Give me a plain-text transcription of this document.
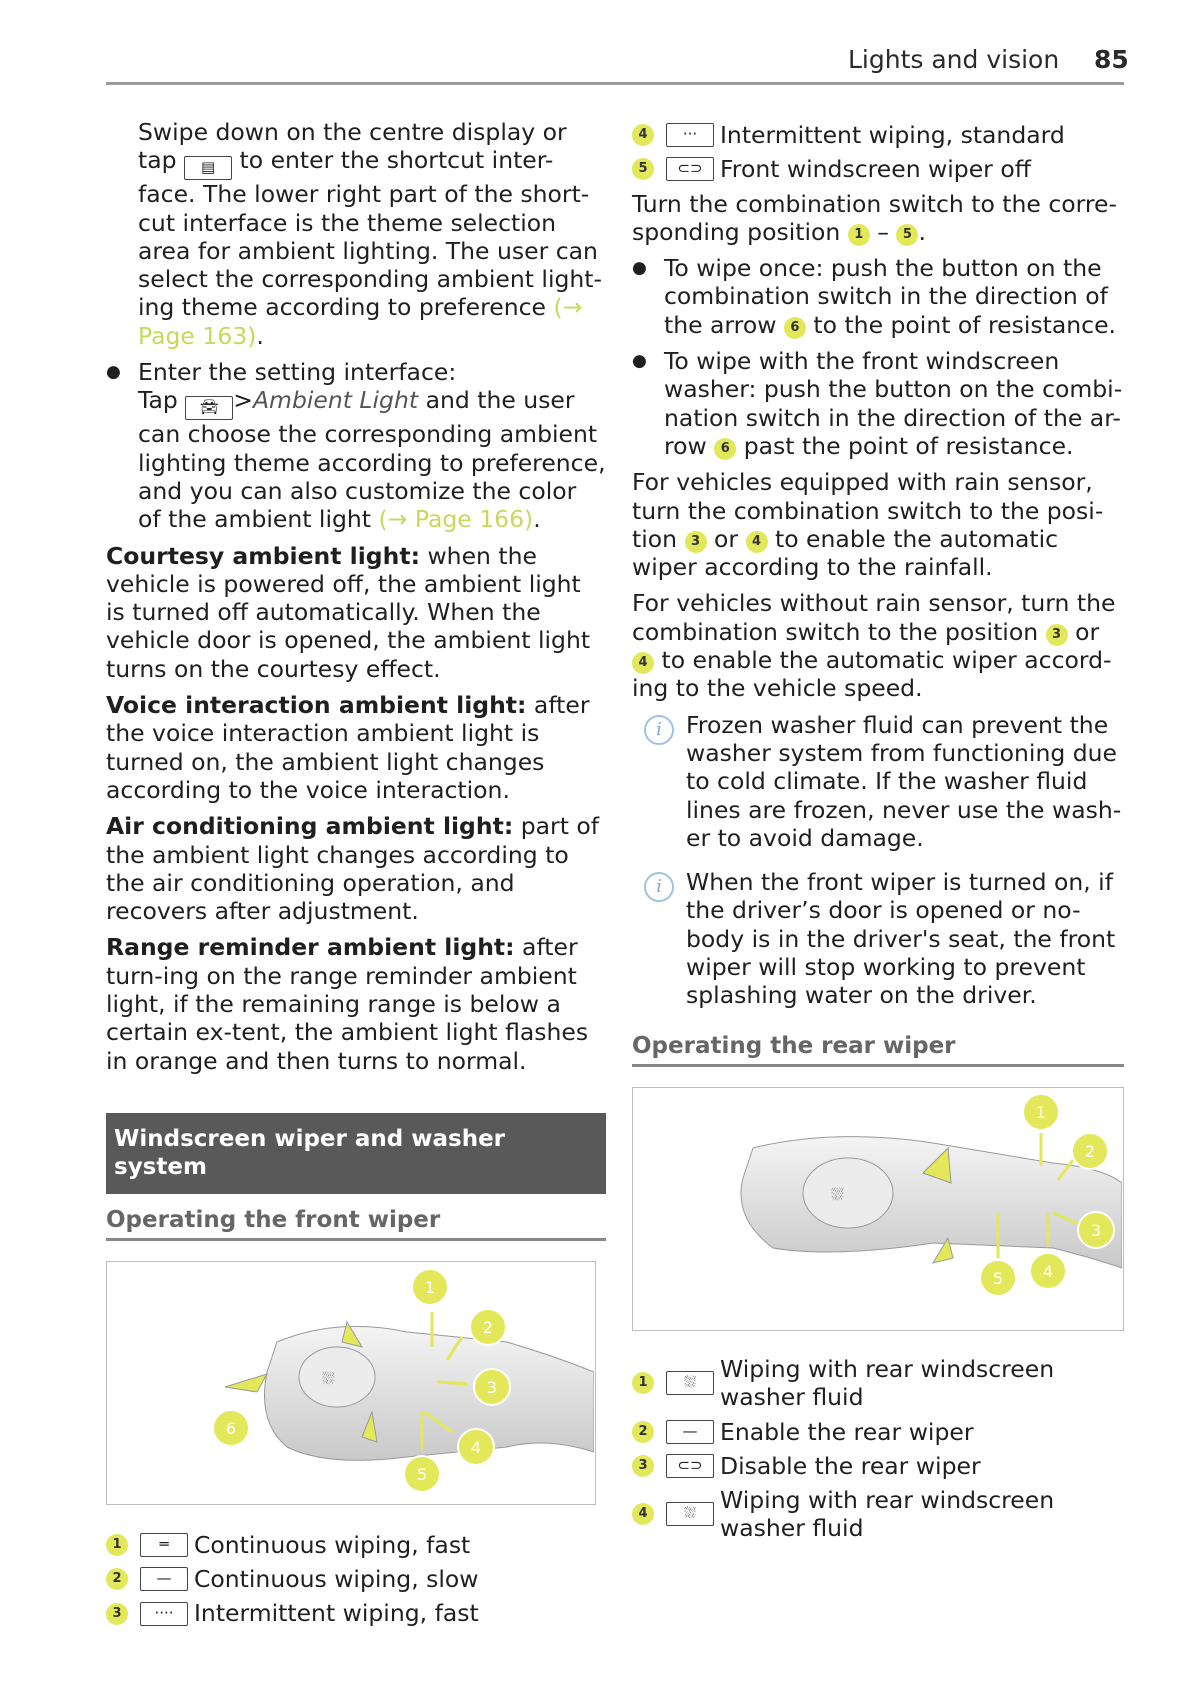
Lights and vision 85
Swipe down on the centre display or
tap ▤ to enter the shortcut inter-face. The lower right part of the short-cut interface is the theme selection area for ambient lighting. The user can select the corresponding ambient light-ing theme according to preference (→ Page 163).
● Enter the setting interface:
Tap 🚘︎ >Ambient Light and the user can choose the corresponding ambient lighting theme according to preference, and you can also customize the color of the ambient light (→ Page 166).
Courtesy ambient light: when the vehicle is powered off, the ambient light is turned off automatically. When the vehicle door is opened, the ambient light turns on the courtesy effect.
Voice interaction ambient light: after the voice interaction ambient light is turned on, the ambient light changes according to the voice interaction.
Air conditioning ambient light: part of the ambient light changes according to the air conditioning operation, and recovers after adjustment.
Range reminder ambient light: after turn-ing on the range reminder ambient light, if the remaining range is below a certain ex-tent, the ambient light flashes in orange and then turns to normal.
Windscreen wiper and washer system
Operating the front wiper
⛆
1
2
3
4
5
6
1	═	Continuous wiping, fast
2	— Continuous wiping, slow
3	···· Intermittent wiping, fast
4	··· Intermittent wiping, standard
5	⊂⊃ Front windscreen wiper off
Turn the combination switch to the corre-sponding position 1 – 5 .
● To wipe once: push the button on the combination switch in the direction of the arrow 6 to the point of resistance.
● To wipe with the front windscreen washer: push the button on the combi-nation switch in the direction of the ar-row 6 past the point of resistance.
For vehicles equipped with rain sensor, turn the combination switch to the posi-tion 3 or 4 to enable the automatic wiper according to the rainfall.
For vehicles without rain sensor, turn the combination switch to the position 3 or 4 to enable the automatic wiper accord-ing to the vehicle speed.
i	Frozen washer fluid can prevent the washer system from functioning due to cold climate. If the washer fluid lines are frozen, never use the wash-er to avoid damage.
i	When the front wiper is turned on, if the driver’s door is opened or no-body is in the driver's seat, the front wiper will stop working to prevent splashing water on the driver.
Operating the rear wiper
⛆
1
2
3
4
5
1	⛆	Wiping with rear windscreen washer fluid
2	— Enable the rear wiper
3	⊂⊃ Disable the rear wiper
4	⛆	Wiping with rear windscreen washer fluid
